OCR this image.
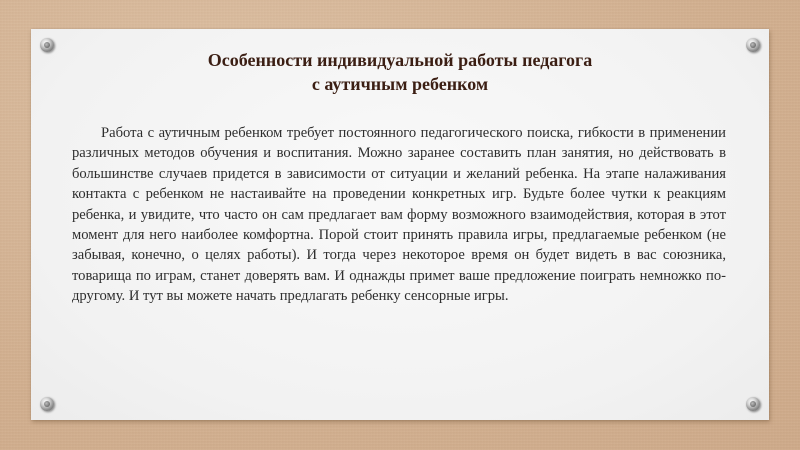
Особенности индивидуальной работы педагога
с аутичным ребенком

Работа с аутичным ребенком требует постоянного педагогического поиска, гибкости в применении различных методов обучения и воспитания. Можно заранее составить план занятия, но действовать в большинстве случаев придется в зависимости от ситуации и желаний ребенка. На этапе налаживания контакта с ребенком не настаивайте на проведении конкретных игр. Будьте более чутки к реакциям ребенка, и увидите, что часто он сам предлагает вам форму возможного взаимодействия, которая в этот момент для него наиболее комфортна. Порой стоит принять правила игры, предлагаемые ребенком (не забывая, конечно, о целях работы). И тогда через некоторое время он будет видеть в вас союзника, товарища по играм, станет доверять вам. И однажды примет ваше предложение поиграть немножко по-другому. И тут вы можете начать предлагать ребенку сенсорные игры.
